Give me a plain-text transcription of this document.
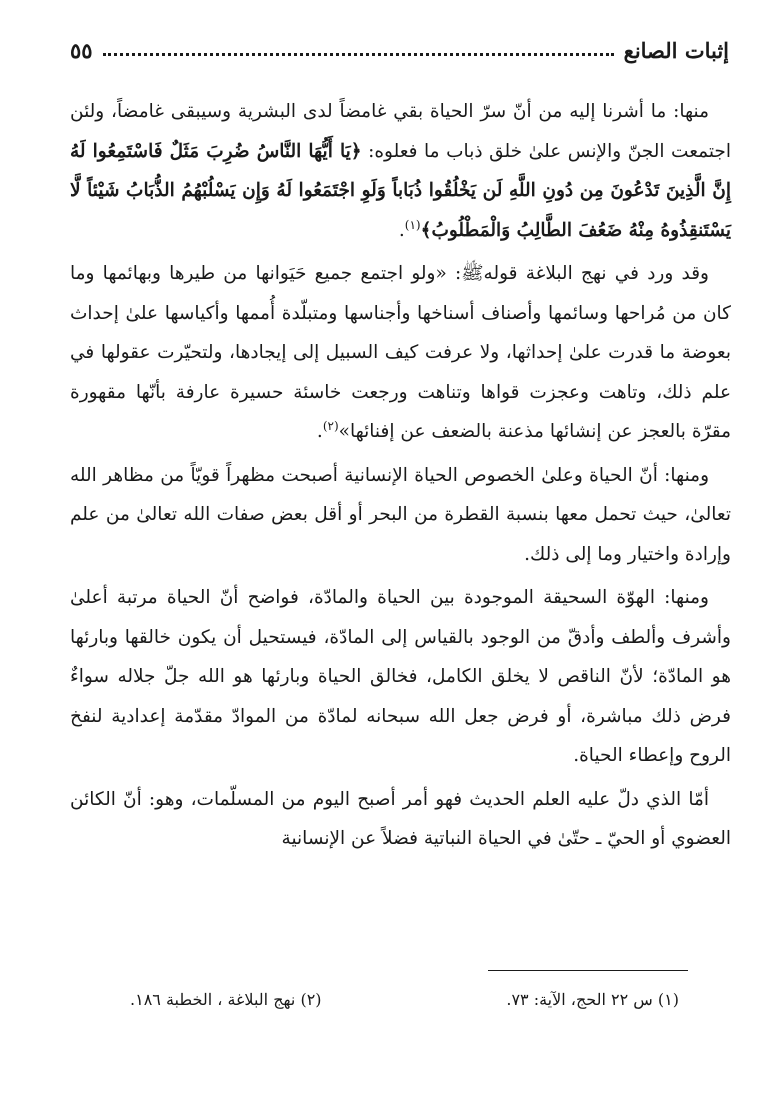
إثبات الصانع
٥٥

منها: ما أشرنا إليه من أنّ سرّ الحياة بقي غامضاً لدى البشرية وسيبقى غامضاً، ولئن اجتمعت الجنّ والإنس علىٰ خلق ذباب ما فعلوه: ﴿يَا أَيُّهَا النَّاسُ ضُرِبَ مَثَلٌ فَاسْتَمِعُوا لَهُ إِنَّ الَّذِينَ تَدْعُونَ مِن دُونِ اللَّهِ لَن يَخْلُقُوا ذُبَاباً وَلَوِ اجْتَمَعُوا لَهُ وَإِن يَسْلُبْهُمُ الذُّبَابُ شَيْئاً لَّا يَسْتَنقِذُوهُ مِنْهُ ضَعُفَ الطَّالِبُ وَالْمَطْلُوبُ﴾$^{(١)}$.

وقد ورد في نهج البلاغة قولهﷺ: «ولو اجتمع جميع حَيَوانها من طيرها وبهائمها وما كان من مُراحها وسائمها وأصناف أسناخها وأجناسها ومتبلّدة أُممها وأكياسها علىٰ إحداث بعوضة ما قدرت علىٰ إحداثها، ولا عرفت كيف السبيل إلى إيجادها، ولتحيّرت عقولها في علم ذلك، وتاهت وعجزت قواها وتناهت ورجعت خاسئة حسيرة عارفة بأنّها مقهورة مقرّة بالعجز عن إنشائها مذعنة بالضعف عن إفنائها»$^{(٢)}$.

ومنها: أنّ الحياة وعلىٰ الخصوص الحياة الإنسانية أصبحت مظهراً قويّاً من مظاهر الله تعالىٰ، حيث تحمل معها بنسبة القطرة من البحر أو أقل بعض صفات الله تعالىٰ من علم وإرادة واختيار وما إلى ذلك.

ومنها: الهوّة السحيقة الموجودة بين الحياة والمادّة، فواضح أنّ الحياة مرتبة أعلىٰ وأشرف وألطف وأدقّ من الوجود بالقياس إلى المادّة، فيستحيل أن يكون خالقها وبارئها هو المادّة؛ لأنّ الناقص لا يخلق الكامل، فخالق الحياة وبارئها هو الله جلّ جلاله سواءٌ فرض ذلك مباشرة، أو فرض جعل الله سبحانه لمادّة من الموادّ مقدّمة إعدادية لنفخ الروح وإعطاء الحياة.

أمّا الذي دلّ عليه العلم الحديث فهو أمر أصبح اليوم من المسلّمات، وهو: أنّ الكائن العضوي أو الحيّ ـ حتّىٰ في الحياة النباتية فضلاً عن الإنسانية

(١) س ٢٢ الحج، الآية: ٧٣.
(٢) نهج البلاغة ، الخطبة ١٨٦.
